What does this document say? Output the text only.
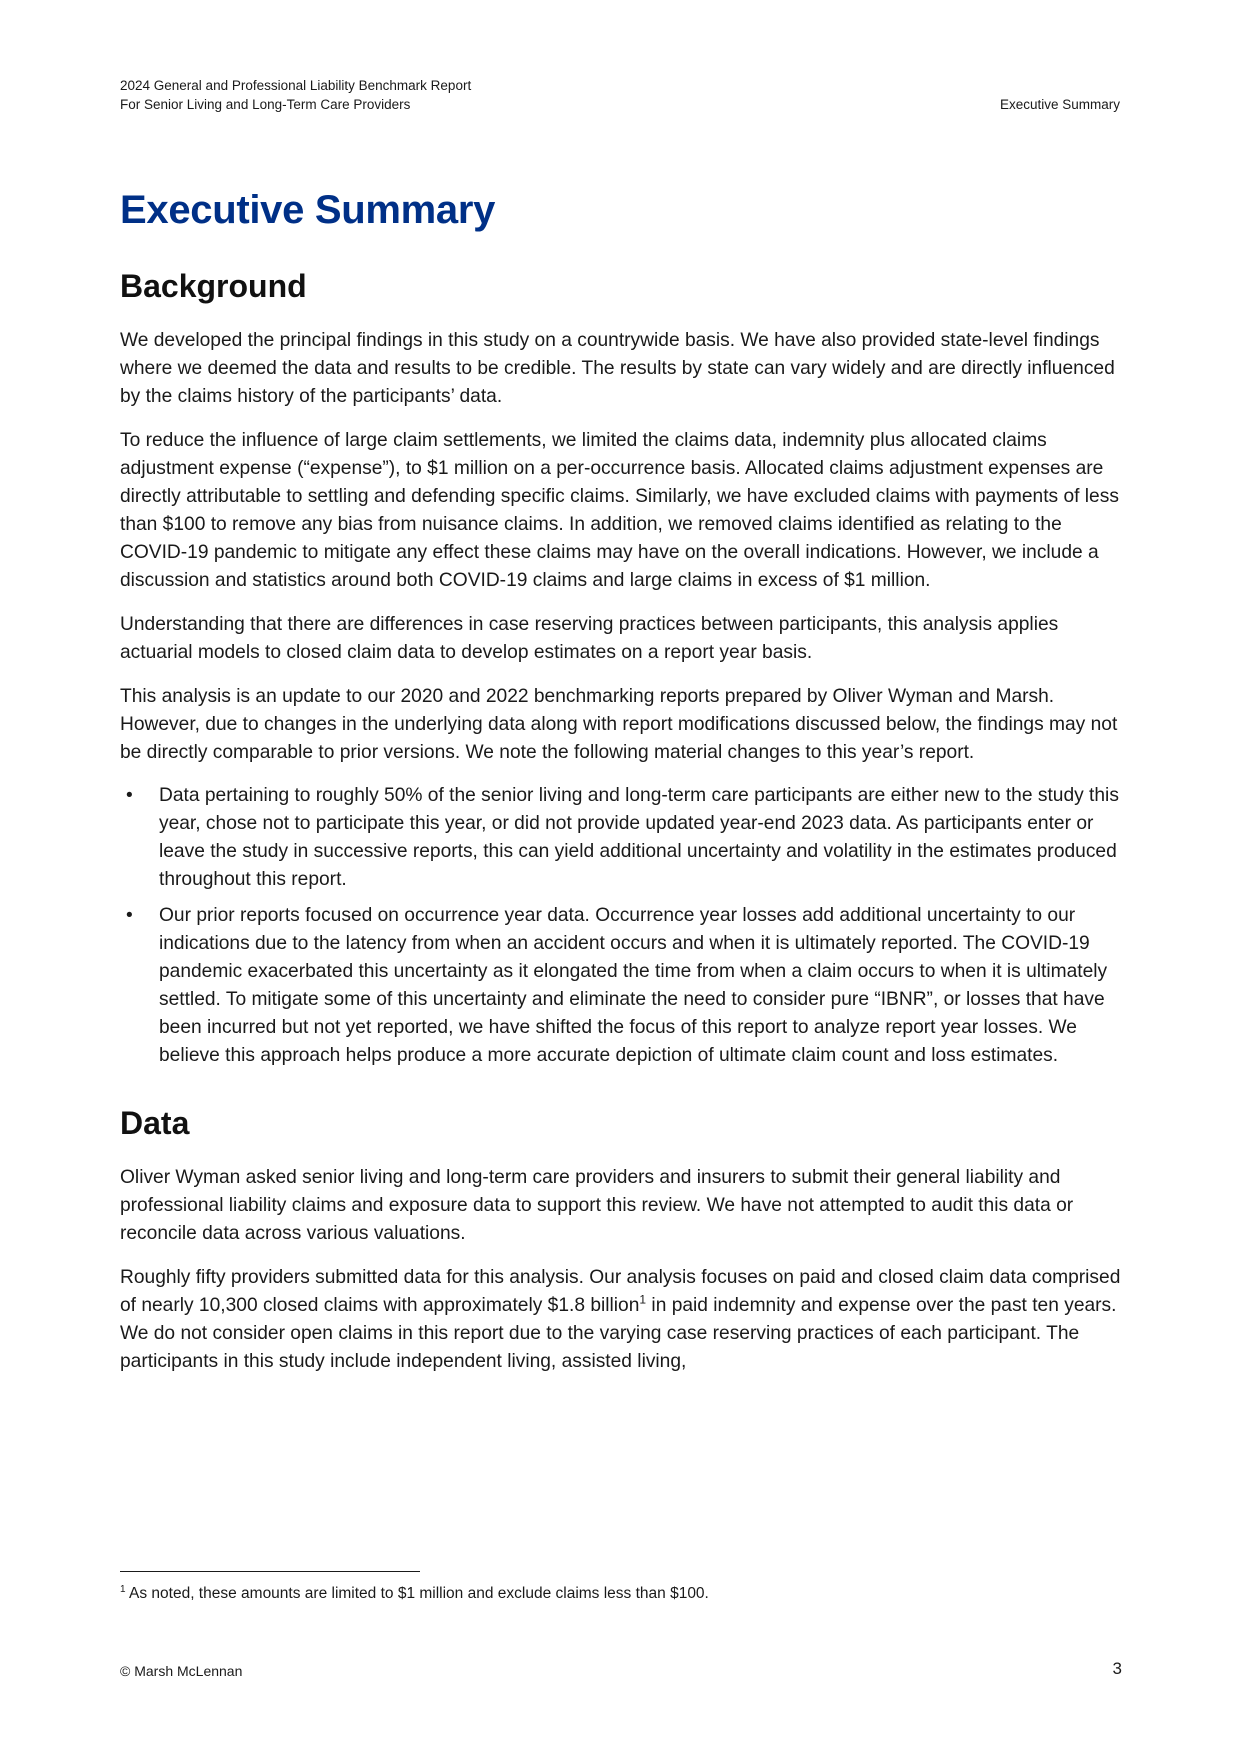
2024 General and Professional Liability Benchmark Report
For Senior Living and Long-Term Care Providers	Executive Summary
Executive Summary
Background

We developed the principal findings in this study on a countrywide basis. We have also provided state-level findings where we deemed the data and results to be credible. The results by state can vary widely and are directly influenced by the claims history of the participants’ data.

To reduce the influence of large claim settlements, we limited the claims data, indemnity plus allocated claims adjustment expense (“expense”), to $1 million on a per-occurrence basis. Allocated claims adjustment expenses are directly attributable to settling and defending specific claims. Similarly, we have excluded claims with payments of less than $100 to remove any bias from nuisance claims. In addition, we removed claims identified as relating to the COVID-19 pandemic to mitigate any effect these claims may have on the overall indications. However, we include a discussion and statistics around both COVID-19 claims and large claims in excess of $1 million.

Understanding that there are differences in case reserving practices between participants, this analysis applies actuarial models to closed claim data to develop estimates on a report year basis.

This analysis is an update to our 2020 and 2022 benchmarking reports prepared by Oliver Wyman and Marsh. However, due to changes in the underlying data along with report modifications discussed below, the findings may not be directly comparable to prior versions. We note the following material changes to this year’s report.

• Data pertaining to roughly 50% of the senior living and long-term care participants are either new to the study this year, chose not to participate this year, or did not provide updated year-end 2023 data. As participants enter or leave the study in successive reports, this can yield additional uncertainty and volatility in the estimates produced throughout this report.
• Our prior reports focused on occurrence year data. Occurrence year losses add additional uncertainty to our indications due to the latency from when an accident occurs and when it is ultimately reported. The COVID-19 pandemic exacerbated this uncertainty as it elongated the time from when a claim occurs to when it is ultimately settled. To mitigate some of this uncertainty and eliminate the need to consider pure “IBNR”, or losses that have been incurred but not yet reported, we have shifted the focus of this report to analyze report year losses. We believe this approach helps produce a more accurate depiction of ultimate claim count and loss estimates.
Data

Oliver Wyman asked senior living and long-term care providers and insurers to submit their general liability and professional liability claims and exposure data to support this review. We have not attempted to audit this data or reconcile data across various valuations.

Roughly fifty providers submitted data for this analysis. Our analysis focuses on paid and closed claim data comprised of nearly 10,300 closed claims with approximately $1.8 billion$^1$ in paid indemnity and expense over the past ten years. We do not consider open claims in this report due to the varying case reserving practices of each participant. The participants in this study include independent living, assisted living,

$^1$ As noted, these amounts are limited to $1 million and exclude claims less than $100.
© Marsh McLennan	3
